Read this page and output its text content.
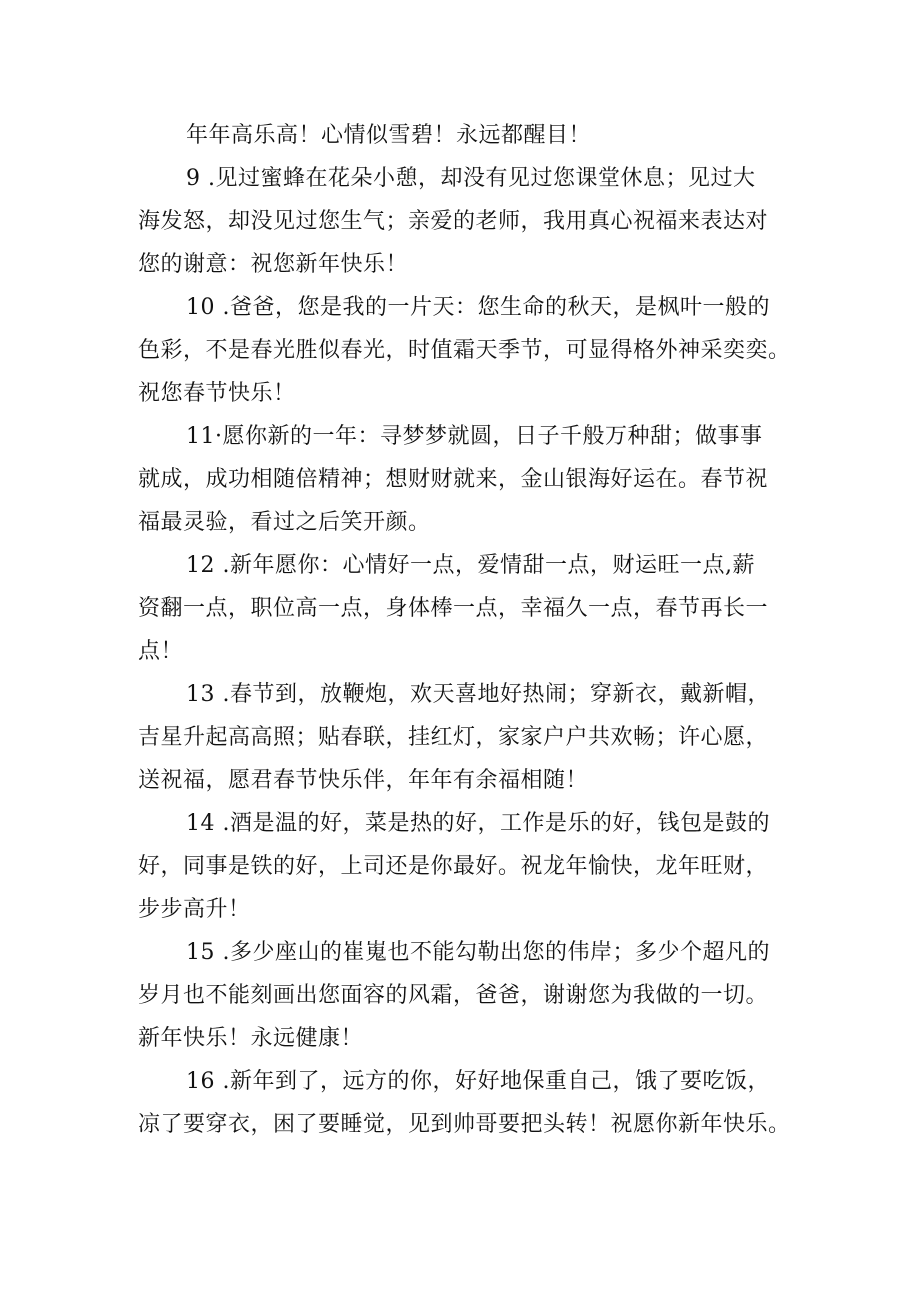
年年高乐高！心情似雪碧！永远都醒目！
9 .见过蜜蜂在花朵小憩，却没有见过您课堂休息；见过大
海发怒，却没见过您生气；亲爱的老师，我用真心祝福来表达对
您的谢意：祝您新年快乐！
10 .爸爸，您是我的一片天：您生命的秋天，是枫叶一般的
色彩，不是春光胜似春光，时值霜天季节，可显得格外神采奕奕。
祝您春节快乐！
11·愿你新的一年：寻梦梦就圆，日子千般万种甜；做事事
就成，成功相随倍精神；想财财就来，金山银海好运在。春节祝
福最灵验，看过之后笑开颜。
12 .新年愿你：心情好一点，爱情甜一点，财运旺一点,薪
资翻一点，职位高一点，身体棒一点，幸福久一点，春节再长一
点！
13 .春节到，放鞭炮，欢天喜地好热闹；穿新衣，戴新帽，
吉星升起高高照；贴春联，挂红灯，家家户户共欢畅；许心愿，
送祝福，愿君春节快乐伴，年年有余福相随！
14 .酒是温的好，菜是热的好，工作是乐的好，钱包是鼓的
好，同事是铁的好，上司还是你最好。祝龙年愉快，龙年旺财，
步步高升！
15 .多少座山的崔嵬也不能勾勒出您的伟岸；多少个超凡的
岁月也不能刻画出您面容的风霜，爸爸，谢谢您为我做的一切。
新年快乐！永远健康！
16 .新年到了，远方的你，好好地保重自己，饿了要吃饭，
凉了要穿衣，困了要睡觉，见到帅哥要把头转！祝愿你新年快乐。
